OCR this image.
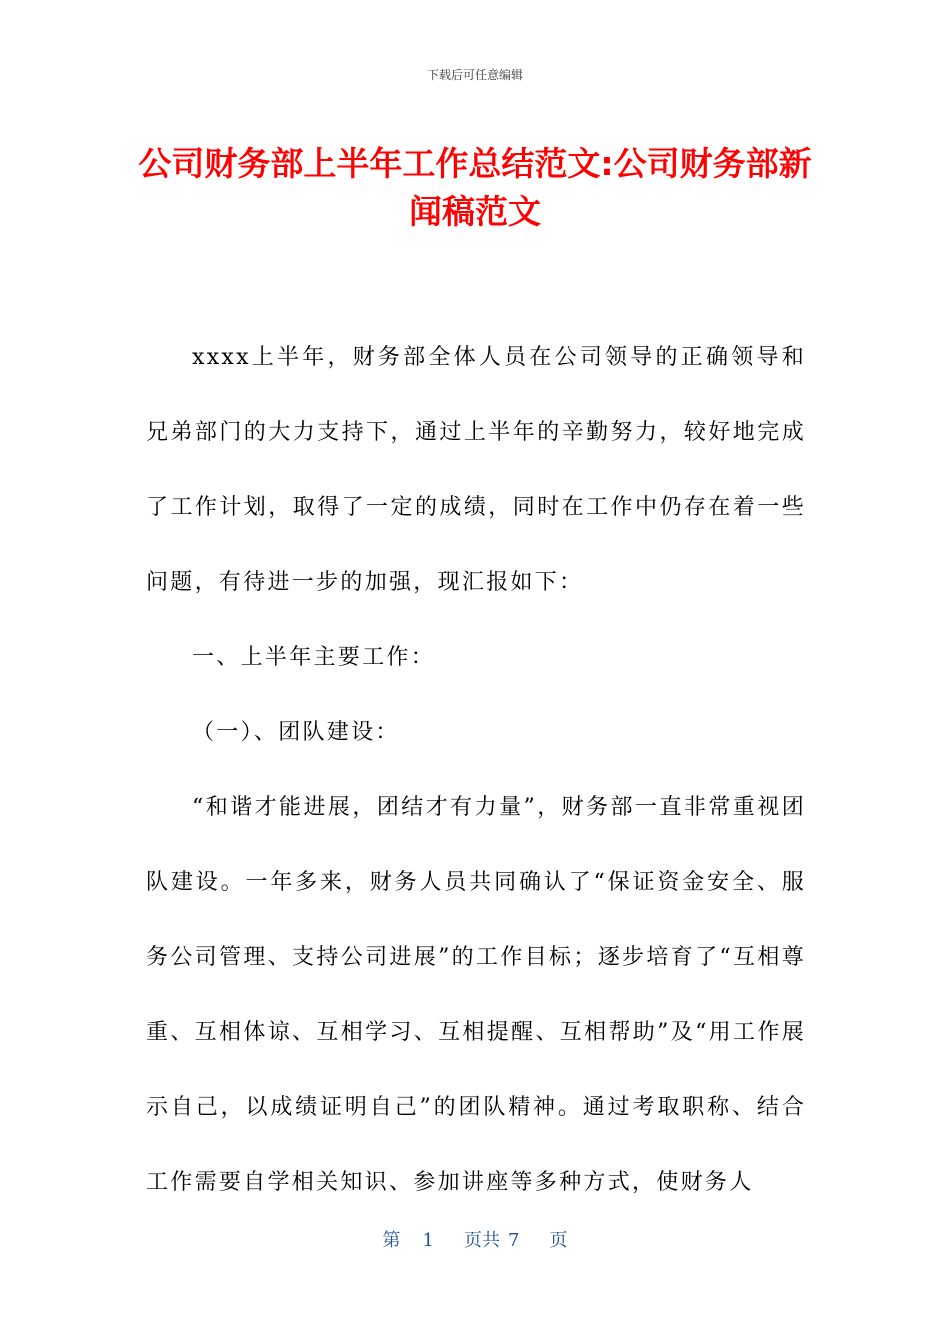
下载后可任意编辑
公司财务部上半年工作总结范文:公司财务部新闻稿范文

xxxx上半年，财务部全体人员在公司领导的正确领导和兄弟部门的大力支持下，通过上半年的辛勤努力，较好地完成了工作计划，取得了一定的成绩，同时在工作中仍存在着一些问题，有待进一步的加强，现汇报如下：

一、上半年主要工作：

（一）、团队建设：

“和谐才能进展，团结才有力量”，财务部一直非常重视团队建设。一年多来，财务人员共同确认了“保证资金安全、服务公司管理、支持公司进展”的工作目标；逐步培育了“互相尊重、互相体谅、互相学习、互相提醒、互相帮助”及“用工作展示自己，以成绩证明自己”的团队精神。通过考取职称、结合工作需要自学相关知识、参加讲座等多种方式，使财务人

第 1 页共 7 页
